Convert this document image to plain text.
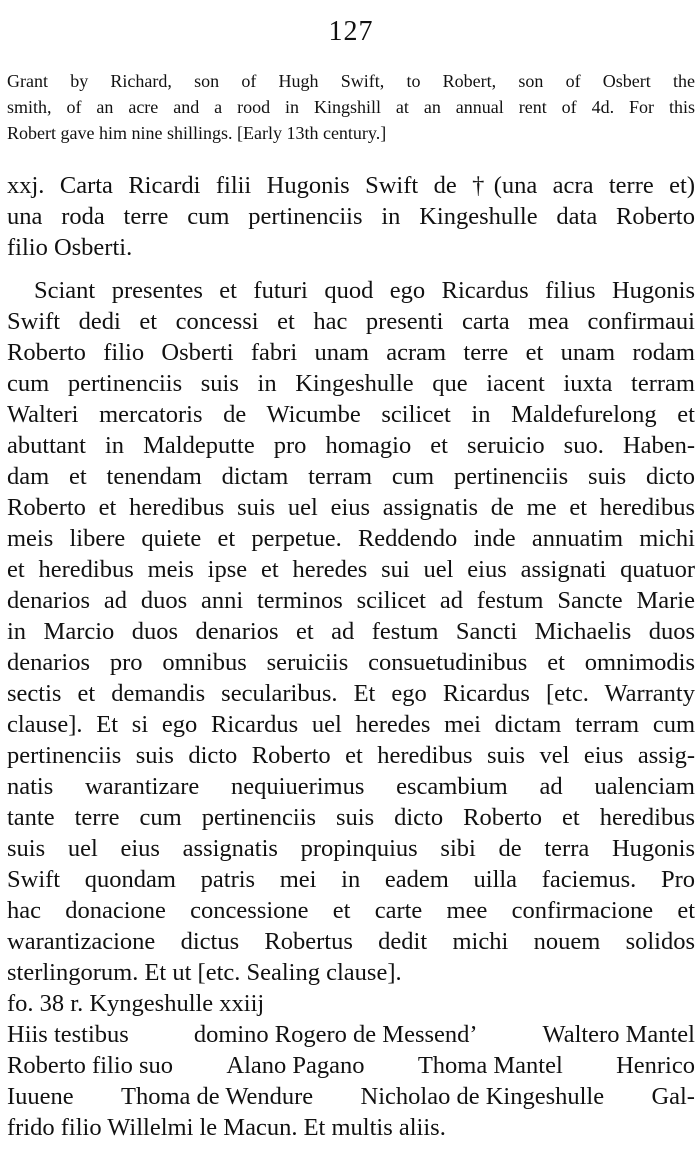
127
Grant by Richard, son of Hugh Swift, to Robert, son of Osbert the
smith, of an acre and a rood in Kingshill at an annual rent of 4d. For this
Robert gave him nine shillings. [Early 13th century.]
xxj. Carta Ricardi filii Hugonis Swift de †(una acra terre et)
una roda terre cum pertinenciis in Kingeshulle data Roberto
filio Osberti.
Sciant presentes et futuri quod ego Ricardus filius Hugonis
Swift dedi et concessi et hac presenti carta mea confirmaui
Roberto filio Osberti fabri unam acram terre et unam rodam
cum pertinenciis suis in Kingeshulle que iacent iuxta terram
Walteri mercatoris de Wicumbe scilicet in Maldefurelong et
abuttant in Maldeputte pro homagio et seruicio suo. Haben-
dam et tenendam dictam terram cum pertinenciis suis dicto
Roberto et heredibus suis uel eius assignatis de me et heredibus
meis libere quiete et perpetue. Reddendo inde annuatim michi
et heredibus meis ipse et heredes sui uel eius assignati quatuor
denarios ad duos anni terminos scilicet ad festum Sancte Marie
in Marcio duos denarios et ad festum Sancti Michaelis duos
denarios pro omnibus seruiciis consuetudinibus et omnimodis
sectis et demandis secularibus. Et ego Ricardus [etc. Warranty
clause]. Et si ego Ricardus uel heredes mei dictam terram cum
pertinenciis suis dicto Roberto et heredibus suis vel eius assig-
natis warantizare nequiuerimus escambium ad ualenciam
tante terre cum pertinenciis suis dicto Roberto et heredibus
suis uel eius assignatis propinquius sibi de terra Hugonis
Swift quondam patris mei in eadem uilla faciemus. Pro
hac donacione concessione et carte mee confirmacione et
warantizacione dictus Robertus dedit michi nouem solidos
sterlingorum. Et ut [etc. Sealing clause].
fo. 38 r. Kyngeshulle xxiij
Hiis testibus	domino Rogero de Messend’	Waltero Mantel
Roberto filio suo Alano Pagano Thoma Mantel Henrico
Iuuene Thoma de Wendure Nicholao de Kingeshulle Gal-
frido filio Willelmi le Macun. Et multis aliis.
